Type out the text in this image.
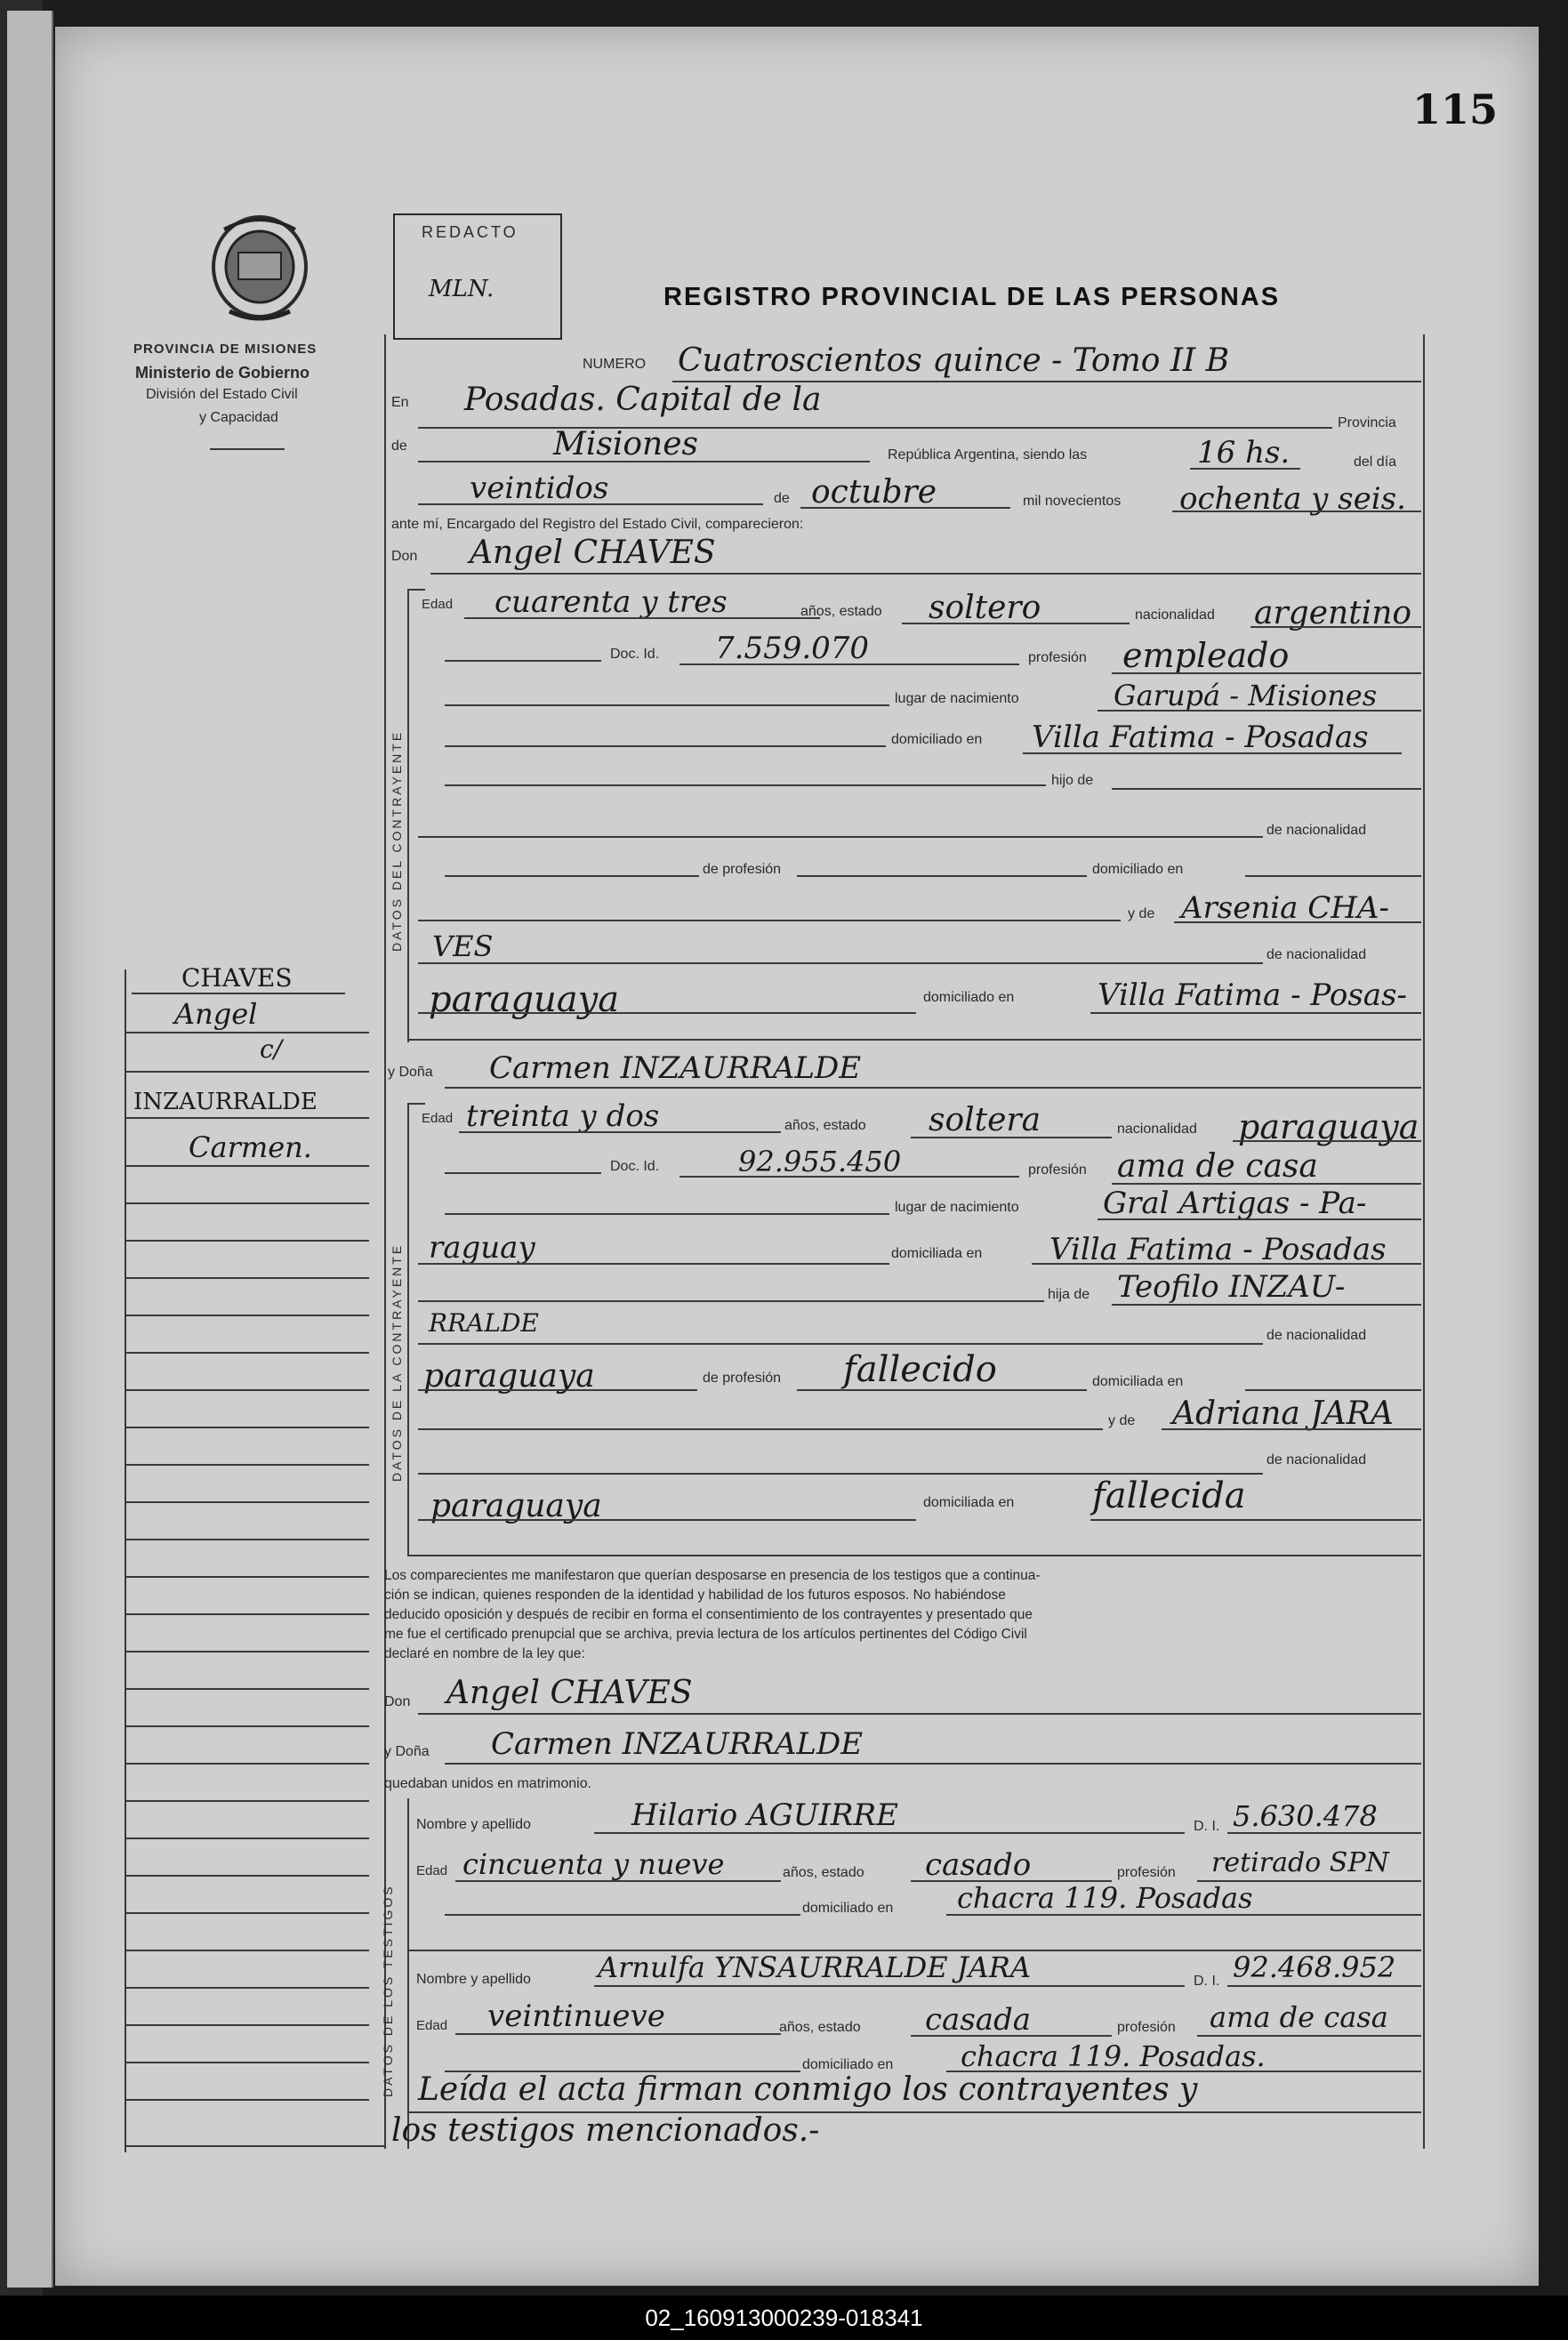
115
PROVINCIA DE MISIONES
Ministerio de Gobierno
División del Estado Civil
y Capacidad
REDACTO
MLN.	REGISTRO PROVINCIAL DE LAS PERSONAS
NUMERO Cuatroscientos quince - Tomo II B
En Posadas. Capital de la
Provincia
de	Misiones	República Argentina, siendo las	16 hs.	del día
veintidos	de octubre	mil novecientos ochenta y seis.
ante mí, Encargado del Registro del Estado Civil, comparecieron:
Don Angel CHAVES
DATOS DEL CONTRAYENTE
Edad cuarenta y tres	años, estado soltero	nacionalidad argentino
Doc. Id. 7.559.070	profesión empleado
lugar de nacimiento	Garupá - Misiones
domiciliado en Villa Fatima - Posadas
hijo de
de nacionalidad
de profesión	domiciliado en
y de Arsenia CHA-
VES	de nacionalidad
paraguaya	domiciliado en	Villa Fatima - Posas-
y Doña Carmen INZAURRALDE
DATOS DE LA CONTRAYENTE
Edad treinta y dos	años, estado soltera	nacionalidad paraguaya
Doc. Id.	92.955.450	profesión ama de casa
lugar de nacimiento	Gral Artigas - Pa-
raguay	domiciliada en Villa Fatima - Posadas
hija de Teofilo INZAU-
RRALDE	de nacionalidad
paraguaya	de profesión fallecido	domiciliada en
y de Adriana JARA
de nacionalidad
paraguaya	domiciliada en fallecida
Los comparecientes me manifestaron que querían desposarse en presencia de los testigos que a continua-
ción se indican, quienes responden de la identidad y habilidad de los futuros esposos. No habiéndose
deducido oposición y después de recibir en forma el consentimiento de los contrayentes y presentado que
me fue el certificado prenupcial que se archiva, previa lectura de los artículos pertinentes del Código Civil
declaré en nombre de la ley que:
Don Angel CHAVES
y Doña Carmen INZAURRALDE
quedaban unidos en matrimonio.
DATOS DE LOS TESTIGOS
Nombre y apellido	Hilario AGUIRRE	D. I. 5.630.478
Edad cincuenta y nueve	años, estado casado	profesión retirado SPN
domiciliado en chacra 119. Posadas
Nombre y apellido Arnulfa YNSAURRALDE JARA	D. I. 92.468.952
Edad veintinueve	años, estado casada	profesión ama de casa
domiciliado en chacra 119. Posadas.
Leída el acta firman conmigo los contrayentes y
los testigos mencionados.-
CHAVES
Angel
c/
INZAURRALDE
Carmen.
02_160913000239-018341
